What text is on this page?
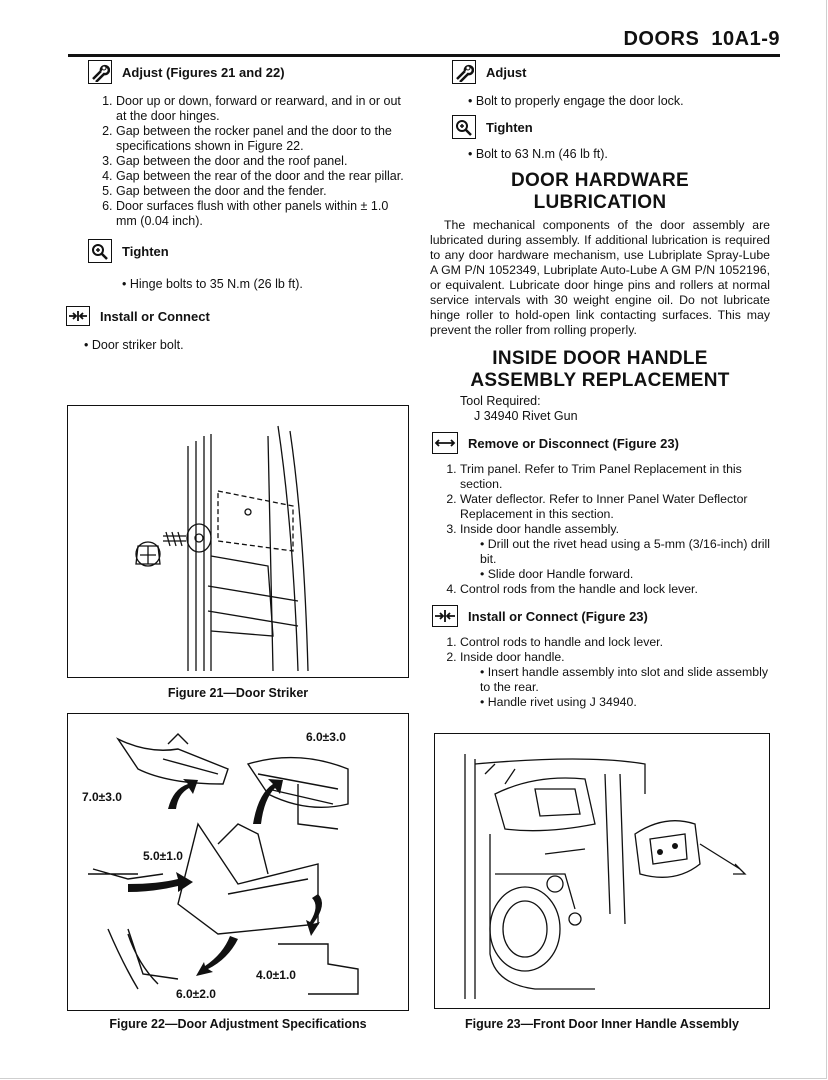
DOORS  10A1-9
Adjust (Figures 21 and 22)
1. Door up or down, forward or rearward, and in or out at the door hinges.
2. Gap between the rocker panel and the door to the specifications shown in Figure 22.
3. Gap between the door and the roof panel.
4. Gap between the rear of the door and the rear pillar.
5. Gap between the door and the fender.
6. Door surfaces flush with other panels within ± 1.0 mm (0.04 inch).
Tighten
• Hinge bolts to 35 N.m (26 lb ft).
Install or Connect
• Door striker bolt.
Figure 21—Door Striker
6.0±3.0
7.0±3.0
5.0±1.0
4.0±1.0
6.0±2.0
Figure 22—Door Adjustment Specifications
Adjust
• Bolt to properly engage the door lock.
Tighten
• Bolt to 63 N.m (46 lb ft).
DOOR HARDWARE
LUBRICATION

The mechanical components of the door assembly are lubricated during assembly. If additional lubrication is required to any door hardware mechanism, use Lubriplate Spray-Lube A GM P/N 1052349, Lubriplate Auto-Lube A GM P/N 1052196, or equivalent. Lubricate door hinge pins and rollers at normal service intervals with 30 weight engine oil. Do not lubricate hinge roller to hold-open link contacting surfaces. This may prevent the roller from rolling properly.

INSIDE DOOR HANDLE
ASSEMBLY REPLACEMENT
Tool Required:
J 34940 Rivet Gun
Remove or Disconnect (Figure 23)
1. Trim panel. Refer to Trim Panel Replacement in this section.
2. Water deflector. Refer to Inner Panel Water Deflector Replacement in this section.
3. Inside door handle assembly.
• Drill out the rivet head using a 5-mm (3/16-inch) drill bit.
• Slide door Handle forward.
4. Control rods from the handle and lock lever.
Install or Connect (Figure 23)
1. Control rods to handle and lock lever.
2. Inside door handle.
• Insert handle assembly into slot and slide assembly to the rear.
• Handle rivet using J 34940.
Figure 23—Front Door Inner Handle Assembly
